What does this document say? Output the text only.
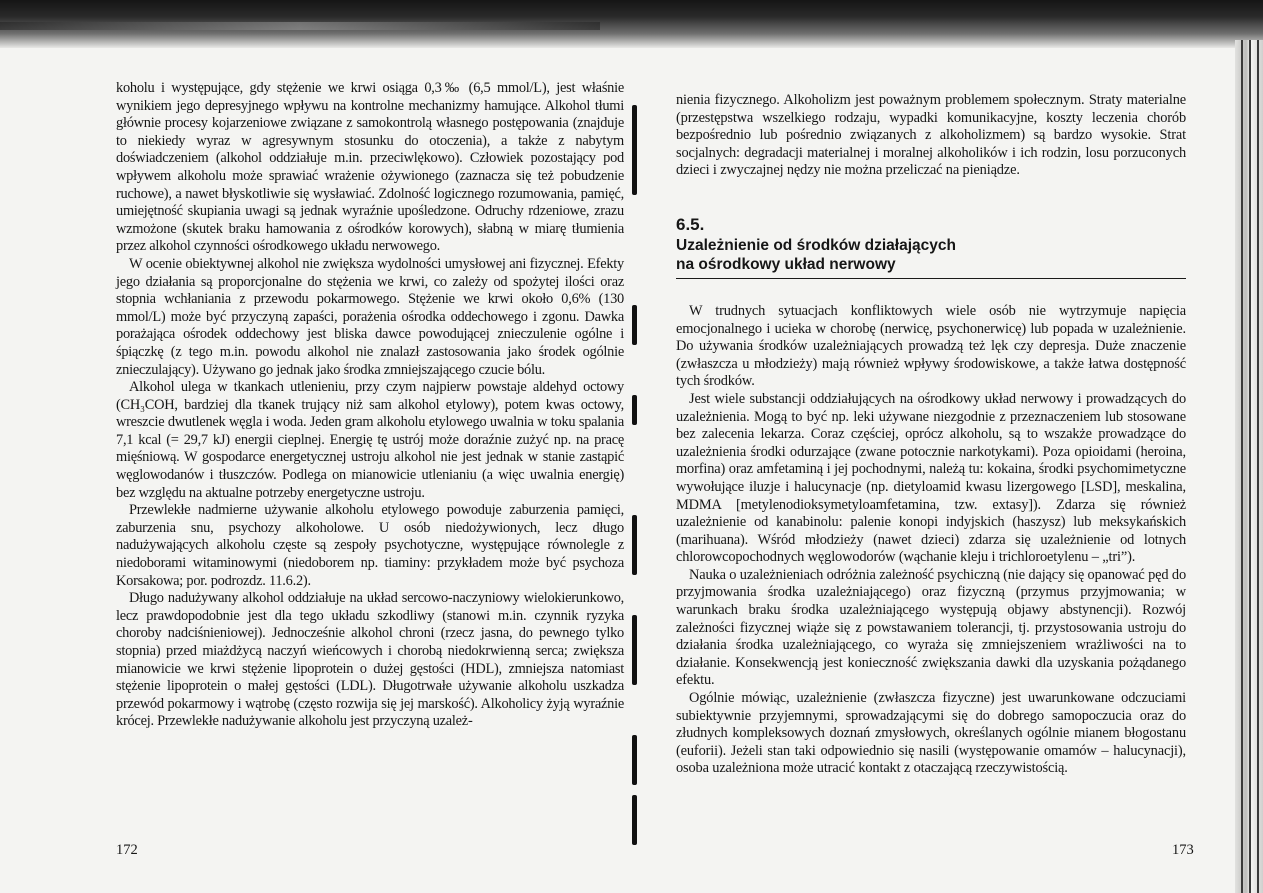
koholu i występujące, gdy stężenie we krwi osiąga 0,3‰ (6,5 mmol/L), jest właśnie wynikiem jego depresyjnego wpływu na kontrolne mechanizmy hamujące. Alkohol tłumi głównie procesy kojarzeniowe związane z samokontrolą własnego postępowania (znajduje to niekiedy wyraz w agresywnym stosunku do otoczenia), a także z nabytym doświadczeniem (alkohol oddziałuje m.in. przeciwlękowo). Człowiek pozostający pod wpływem alkoholu może sprawiać wrażenie ożywionego (zaznacza się też pobudzenie ruchowe), a nawet błyskotliwie się wysławiać. Zdolność logicznego rozumowania, pamięć, umiejętność skupiania uwagi są jednak wyraźnie upośledzone. Odruchy rdzeniowe, zrazu wzmożone (skutek braku hamowania z ośrodków korowych), słabną w miarę tłumienia przez alkohol czynności ośrodkowego układu nerwowego.

W ocenie obiektywnej alkohol nie zwiększa wydolności umysłowej ani fizycznej. Efekty jego działania są proporcjonalne do stężenia we krwi, co zależy od spożytej ilości oraz stopnia wchłaniania z przewodu pokarmowego. Stężenie we krwi około 0,6% (130 mmol/L) może być przyczyną zapaści, porażenia ośrodka oddechowego i zgonu. Dawka porażająca ośrodek oddechowy jest bliska dawce powodującej znieczulenie ogólne i śpiączkę (z tego m.in. powodu alkohol nie znalazł zastosowania jako środek ogólnie znieczulający). Używano go jednak jako środka zmniejszającego czucie bólu.

Alkohol ulega w tkankach utlenieniu, przy czym najpierw powstaje aldehyd octowy (CH₃COH, bardziej dla tkanek trujący niż sam alkohol etylowy), potem kwas octowy, wreszcie dwutlenek węgla i woda. Jeden gram alkoholu etylowego uwalnia w toku spalania 7,1 kcal (= 29,7 kJ) energii cieplnej. Energię tę ustrój może doraźnie zużyć np. na pracę mięśniową. W gospodarce energetycznej ustroju alkohol nie jest jednak w stanie zastąpić węglowodanów i tłuszczów. Podlega on mianowicie utlenianiu (a więc uwalnia energię) bez względu na aktualne potrzeby energetyczne ustroju.

Przewlekłe nadmierne używanie alkoholu etylowego powoduje zaburzenia pamięci, zaburzenia snu, psychozy alkoholowe. U osób niedożywionych, lecz długo nadużywających alkoholu częste są zespoły psychotyczne, występujące równolegle z niedoborami witaminowymi (niedoborem np. tiaminy: przykładem może być psychoza Korsakowa; por. podrozdz. 11.6.2).

Długo nadużywany alkohol oddziałuje na układ sercowo-naczyniowy wielokierunkowo, lecz prawdopodobnie jest dla tego układu szkodliwy (stanowi m.in. czynnik ryzyka choroby nadciśnieniowej). Jednocześnie alkohol chroni (rzecz jasna, do pewnego tylko stopnia) przed miażdżycą naczyń wieńcowych i chorobą niedokrwienną serca; zwiększa mianowicie we krwi stężenie lipoprotein o dużej gęstości (HDL), zmniejsza natomiast stężenie lipoprotein o małej gęstości (LDL). Długotrwałe używanie alkoholu uszkadza przewód pokarmowy i wątrobę (często rozwija się jej marskość). Alkoholicy żyją wyraźnie krócej. Przewlekłe nadużywanie alkoholu jest przyczyną uzależ-

172

nienia fizycznego. Alkoholizm jest poważnym problemem społecznym. Straty materialne (przestępstwa wszelkiego rodzaju, wypadki komunikacyjne, koszty leczenia chorób bezpośrednio lub pośrednio związanych z alkoholizmem) są bardzo wysokie. Strat socjalnych: degradacji materialnej i moralnej alkoholików i ich rodzin, losu porzuconych dzieci i zwyczajnej nędzy nie można przeliczać na pieniądze.

6.5.
Uzależnienie od środków działających
na ośrodkowy układ nerwowy

W trudnych sytuacjach konfliktowych wiele osób nie wytrzymuje napięcia emocjonalnego i ucieka w chorobę (nerwicę, psychonerwicę) lub popada w uzależnienie. Do używania środków uzależniających prowadzą też lęk czy depresja. Duże znaczenie (zwłaszcza u młodzieży) mają również wpływy środowiskowe, a także łatwa dostępność tych środków.

Jest wiele substancji oddziałujących na ośrodkowy układ nerwowy i prowadzących do uzależnienia. Mogą to być np. leki używane niezgodnie z przeznaczeniem lub stosowane bez zalecenia lekarza. Coraz częściej, oprócz alkoholu, są to wszakże prowadzące do uzależnienia środki odurzające (zwane potocznie narkotykami). Poza opioidami (heroina, morfina) oraz amfetaminą i jej pochodnymi, należą tu: kokaina, środki psychomimetyczne wywołujące iluzje i halucynacje (np. dietyloamid kwasu lizergowego [LSD], meskalina, MDMA [metylenodioksymetyloamfetamina, tzw. extasy]). Zdarza się również uzależnienie od kanabinolu: palenie konopi indyjskich (haszysz) lub meksykańskich (marihuana). Wśród młodzieży (nawet dzieci) zdarza się uzależnienie od lotnych chlorowcopochodnych węglowodorów (wąchanie kleju i trichloroetylenu – „tri”).

Nauka o uzależnieniach odróżnia zależność psychiczną (nie dający się opanować pęd do przyjmowania środka uzależniającego) oraz fizyczną (przymus przyjmowania; w warunkach braku środka uzależniającego występują objawy abstynencji). Rozwój zależności fizycznej wiąże się z powstawaniem tolerancji, tj. przystosowania ustroju do działania środka uzależniającego, co wyraża się zmniejszeniem wrażliwości na to działanie. Konsekwencją jest konieczność zwiększania dawki dla uzyskania pożądanego efektu.

Ogólnie mówiąc, uzależnienie (zwłaszcza fizyczne) jest uwarunkowane odczuciami subiektywnie przyjemnymi, sprowadzającymi się do dobrego samopoczucia oraz do złudnych kompleksowych doznań zmysłowych, określanych ogólnie mianem błogostanu (euforii). Jeżeli stan taki odpowiednio się nasili (występowanie omamów – halucynacji), osoba uzależniona może utracić kontakt z otaczającą rzeczywistością.

173
